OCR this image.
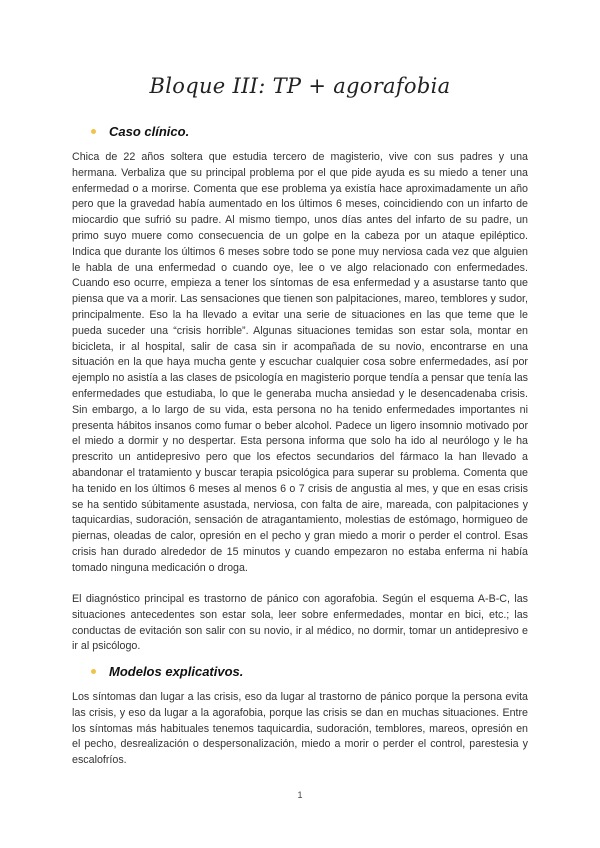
Bloque III: TP + agorafobia
Caso clínico.

Chica de 22 años soltera que estudia tercero de magisterio, vive con sus padres y una hermana. Verbaliza que su principal problema por el que pide ayuda es su miedo a tener una enfermedad o a morirse. Comenta que ese problema ya existía hace aproximadamente un año pero que la gravedad había aumentado en los últimos 6 meses, coincidiendo con un infarto de miocardio que sufrió su padre. Al mismo tiempo, unos días antes del infarto de su padre, un primo suyo muere como consecuencia de un golpe en la cabeza por un ataque epiléptico. Indica que durante los últimos 6 meses sobre todo se pone muy nerviosa cada vez que alguien le habla de una enfermedad o cuando oye, lee o ve algo relacionado con enfermedades. Cuando eso ocurre, empieza a tener los síntomas de esa enfermedad y a asustarse tanto que piensa que va a morir. Las sensaciones que tienen son palpitaciones, mareo, temblores y sudor, principalmente. Eso la ha llevado a evitar una serie de situaciones en las que teme que le pueda suceder una “crisis horrible”. Algunas situaciones temidas son estar sola, montar en bicicleta, ir al hospital, salir de casa sin ir acompañada de su novio, encontrarse en una situación en la que haya mucha gente y escuchar cualquier cosa sobre enfermedades, así por ejemplo no asistía a las clases de psicología en magisterio porque tendía a pensar que tenía las enfermedades que estudiaba, lo que le generaba mucha ansiedad y le desencadenaba crisis. Sin embargo, a lo largo de su vida, esta persona no ha tenido enfermedades importantes ni presenta hábitos insanos como fumar o beber alcohol. Padece un ligero insomnio motivado por el miedo a dormir y no despertar. Esta persona informa que solo ha ido al neurólogo y le ha prescrito un antidepresivo pero que los efectos secundarios del fármaco la han llevado a abandonar el tratamiento y buscar terapia psicológica para superar su problema. Comenta que ha tenido en los últimos 6 meses al menos 6 o 7 crisis de angustia al mes, y que en esas crisis se ha sentido súbitamente asustada, nerviosa, con falta de aire, mareada, con palpitaciones y taquicardias, sudoración, sensación de atragantamiento, molestias de estómago, hormigueo de piernas, oleadas de calor, opresión en el pecho y gran miedo a morir o perder el control. Esas crisis han durado alrededor de 15 minutos y cuando empezaron no estaba enferma ni había tomado ninguna medicación o droga.

El diagnóstico principal es trastorno de pánico con agorafobia. Según el esquema A-B-C, las situaciones antecedentes son estar sola, leer sobre enfermedades, montar en bici, etc.; las conductas de evitación son salir con su novio, ir al médico, no dormir, tomar un antidepresivo e ir al psicólogo.

Modelos explicativos.

Los síntomas dan lugar a las crisis, eso da lugar al trastorno de pánico porque la persona evita las crisis, y eso da lugar a la agorafobia, porque las crisis se dan en muchas situaciones. Entre los síntomas más habituales tenemos taquicardia, sudoración, temblores, mareos, opresión en el pecho, desrealización o despersonalización, miedo a morir o perder el control, parestesia y escalofríos.

1
